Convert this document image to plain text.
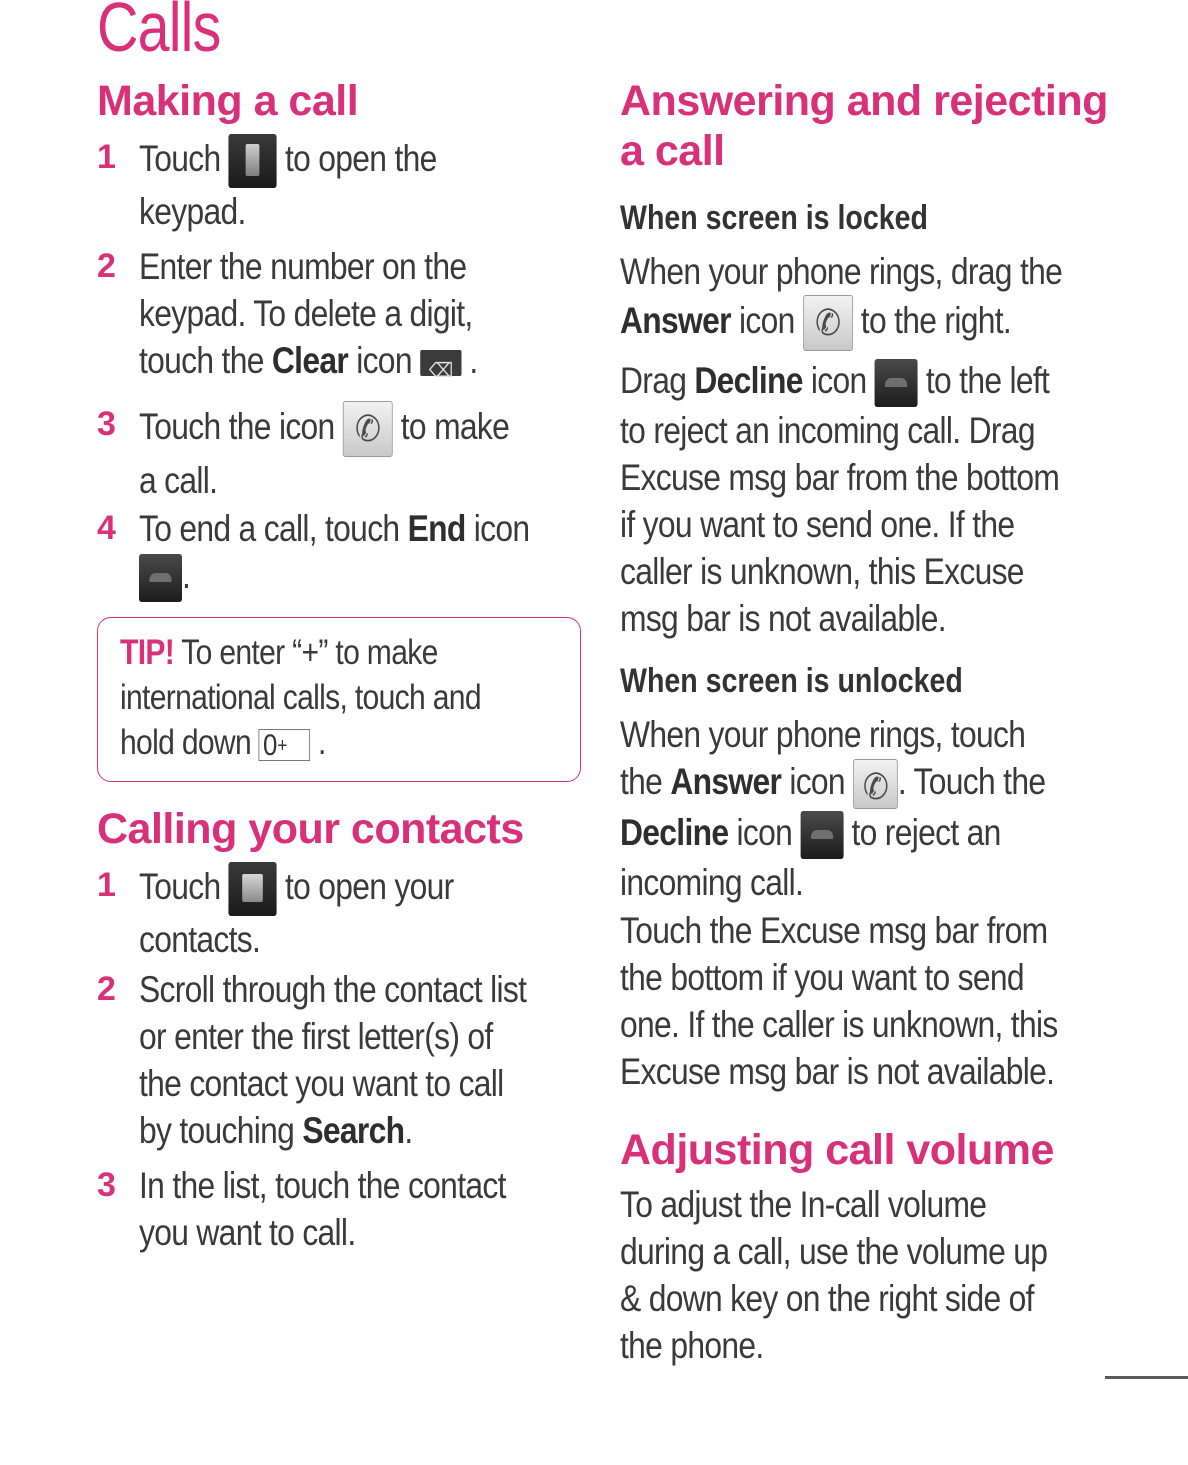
Calls
Making a call
1 Touch to open the
keypad.
2 Enter the number on the
keypad. To delete a digit,
touch the Clear icon ⌫ .
3 Touch the icon ✆ to make
a call.
4 To end a call, touch End icon
.

TIP! To enter “+” to make
international calls, touch and
hold down 0+ .

Calling your contacts
1 Touch to open your
contacts.
2 Scroll through the contact list
or enter the first letter(s) of
the contact you want to call
by touching Search.
3 In the list, touch the contact
you want to call.
Answering and rejecting
a call
When screen is locked

When your phone rings, drag the
Answer icon ✆ to the right.

Drag Decline icon to the left
to reject an incoming call. Drag
Excuse msg bar from the bottom
if you want to send one. If the
caller is unknown, this Excuse
msg bar is not available.

When screen is unlocked

When your phone rings, touch
the Answer icon ✆ . Touch the
Decline icon to reject an
incoming call.

Touch the Excuse msg bar from
the bottom if you want to send
one. If the caller is unknown, this
Excuse msg bar is not available.

Adjusting call volume

To adjust the In-call volume
during a call, use the volume up
& down key on the right side of
the phone.
